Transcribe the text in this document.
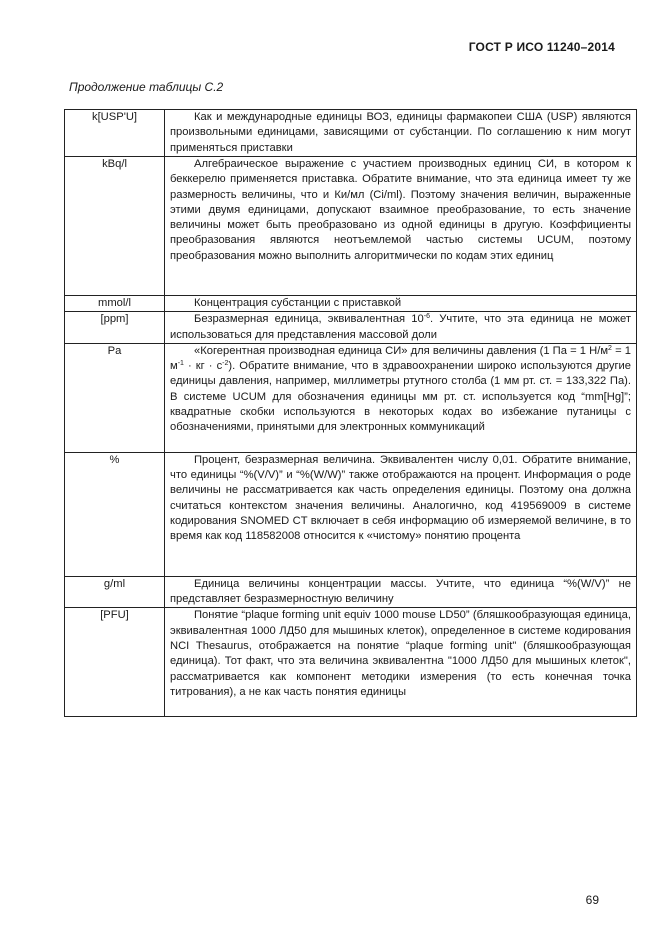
ГОСТ Р ИСО 11240–2014
Продолжение таблицы С.2
k[USP'U]	Как и международные единицы ВОЗ, единицы фармакопеи США (USP) являются произвольными единицами, зависящими от субстанции. По соглашению к ним могут применяться приставки

kBq/l	Алгебраическое выражение с участием производных единиц СИ, в котором к беккерелю применяется приставка. Обратите внимание, что эта единица имеет ту же размерность величины, что и Ки/мл (Ci/ml). Поэтому значения величин, выраженные этими двумя единицами, допускают взаимное преобразование, то есть значение величины может быть преобразовано из одной единицы в другую. Коэффициенты преобразования являются неотъемлемой частью системы UCUM, поэтому преобразования можно выполнить алгоритмически по кодам этих единиц

mmol/l	Концентрация субстанции с приставкой

[ppm]	Безразмерная единица, эквивалентная $10^{-6}$. Учтите, что эта единица не может использоваться для представления массовой доли

Pa	«Когерентная производная единица СИ» для величины давления (1 Па = 1 $Н/м^2 = 1$ $м^{-1}$ · кг · $с^{-2}$). Обратите внимание, что в здравоохранении широко используются другие единицы давления, например, миллиметры ртутного столба (1 мм рт. ст. = 133,322 Па). В системе UCUM для обозначения единицы мм рт. ст. используется код “mm[Hg]”; квадратные скобки используются в некоторых кодах во избежание путаницы с обозначениями, принятыми для электронных коммуникаций

%	Процент, безразмерная величина. Эквивалентен числу 0,01. Обратите внимание, что единицы “%(V/V)” и “%(W/W)” также отображаются на процент. Информация о роде величины не рассматривается как часть определения единицы. Поэтому она должна считаться контекстом значения величины. Аналогично, код 419569009 в системе кодирования SNOMED CT включает в себя информацию об измеряемой величине, в то время как код 118582008 относится к «чистому» понятию процента

g/ml	Единица величины концентрации массы. Учтите, что единица “%(W/V)” не представляет безразмерностную величину

[PFU]	Понятие “plaque forming unit equiv 1000 mouse LD50” (бляшкообразующая единица, эквивалентная 1000 ЛД50 для мышиных клеток), определенное в системе кодирования NCI Thesaurus, отображается на понятие “plaque forming unit" (бляшкообразующая единица). Тот факт, что эта величина эквивалентна "1000 ЛД50 для мышиных клеток", рассматривается как компонент методики измерения (то есть конечная точка титрования), а не как часть понятия единицы
69
